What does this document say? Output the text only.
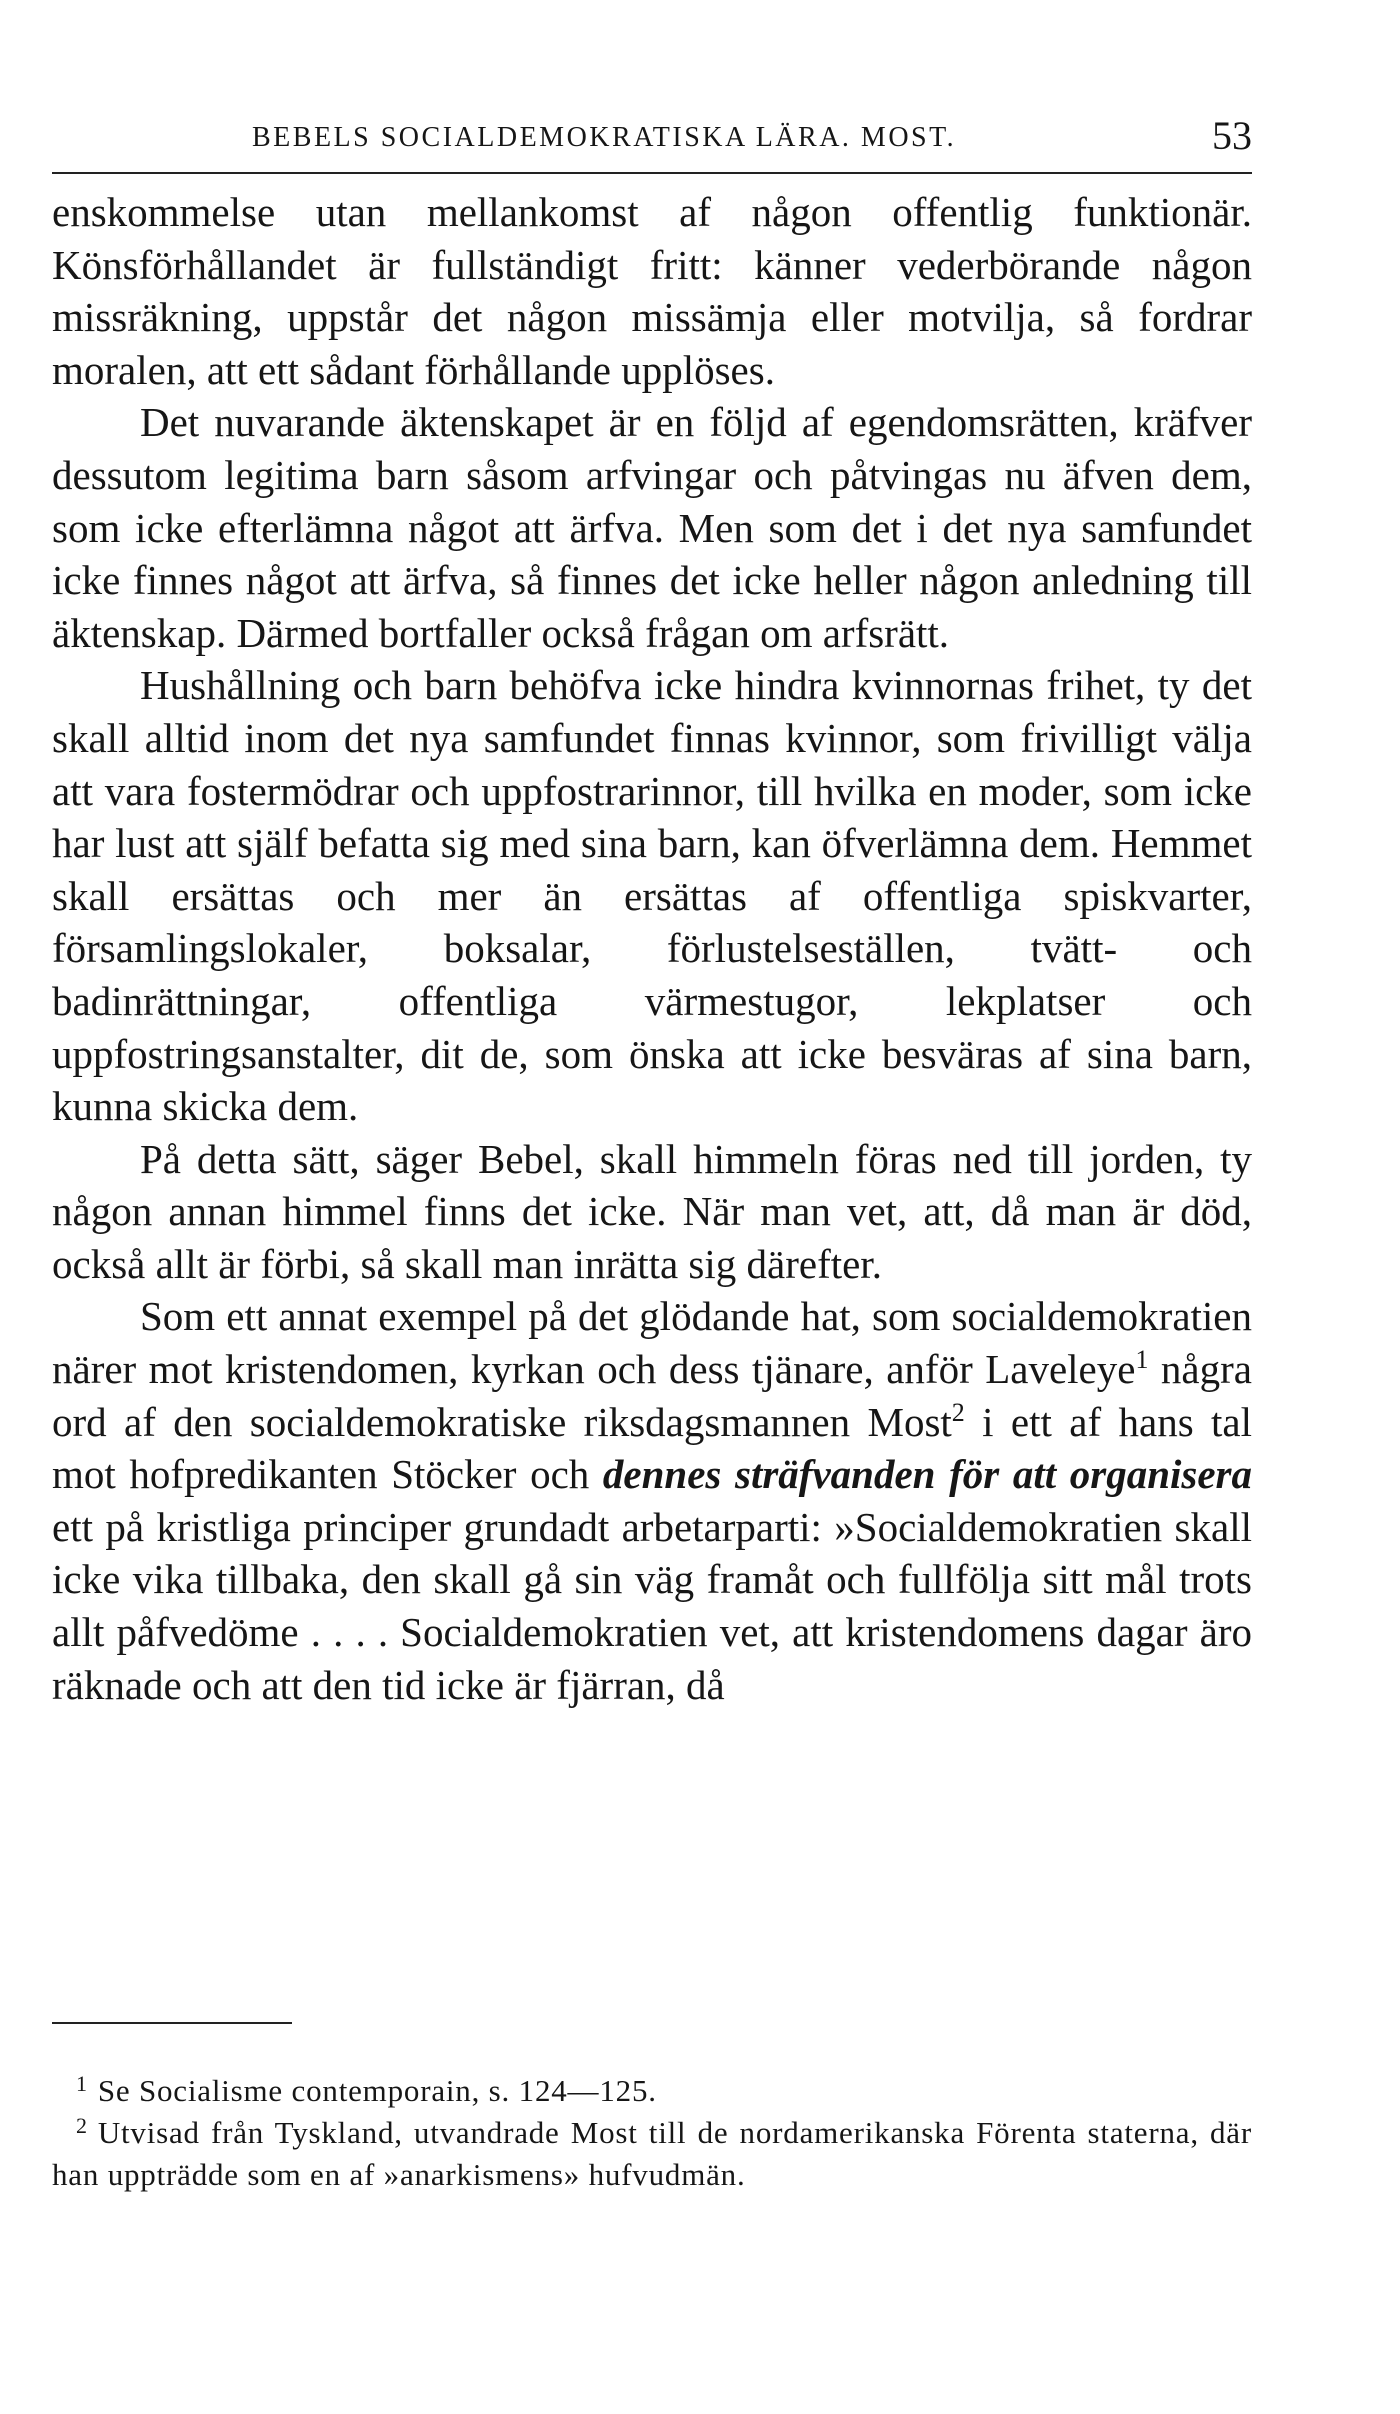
BEBELS SOCIALDEMOKRATISKA LÄRA. MOST.	53

enskommelse utan mellankomst af någon offentlig funktionär. Könsförhållandet är fullständigt fritt: känner vederbörande någon missräkning, uppstår det någon missämja eller motvilja, så fordrar moralen, att ett sådant förhållande upplöses.

Det nuvarande äktenskapet är en följd af egendomsrätten, kräfver dessutom legitima barn såsom arfvingar och påtvingas nu äfven dem, som icke efterlämna något att ärfva. Men som det i det nya samfundet icke finnes något att ärfva, så finnes det icke heller någon anledning till äktenskap. Därmed bortfaller också frågan om arfsrätt.

Hushållning och barn behöfva icke hindra kvinnornas frihet, ty det skall alltid inom det nya samfundet finnas kvinnor, som frivilligt välja att vara fostermödrar och uppfostrarinnor, till hvilka en moder, som icke har lust att själf befatta sig med sina barn, kan öfverlämna dem. Hemmet skall ersättas och mer än ersättas af offentliga spiskvarter, församlingslokaler, boksalar, förlustelseställen, tvätt- och badinrättningar, offentliga värmestugor, lekplatser och uppfostringsanstalter, dit de, som önska att icke besväras af sina barn, kunna skicka dem.

På detta sätt, säger Bebel, skall himmeln föras ned till jorden, ty någon annan himmel finns det icke. När man vet, att, då man är död, också allt är förbi, så skall man inrätta sig därefter.

Som ett annat exempel på det glödande hat, som socialdemokratien närer mot kristendomen, kyrkan och dess tjänare, anför Laveleye$^1$ några ord af den socialdemokratiske riksdagsmannen Most$^2$ i ett af hans tal mot hofpredikanten Stöcker och dennes sträfvanden för att organisera ett på kristliga principer grundadt arbetarparti: »Socialdemokratien skall icke vika tillbaka, den skall gå sin väg framåt och fullfölja sitt mål trots allt påfvedöme . . . . Socialdemokratien vet, att kristendomens dagar äro räknade och att den tid icke är fjärran, då

$^1$ Se Socialisme contemporain, s. 124—125.

$^2$ Utvisad från Tyskland, utvandrade Most till de nordamerikanska Förenta staterna, där han uppträdde som en af »anarkismens» hufvudmän.
